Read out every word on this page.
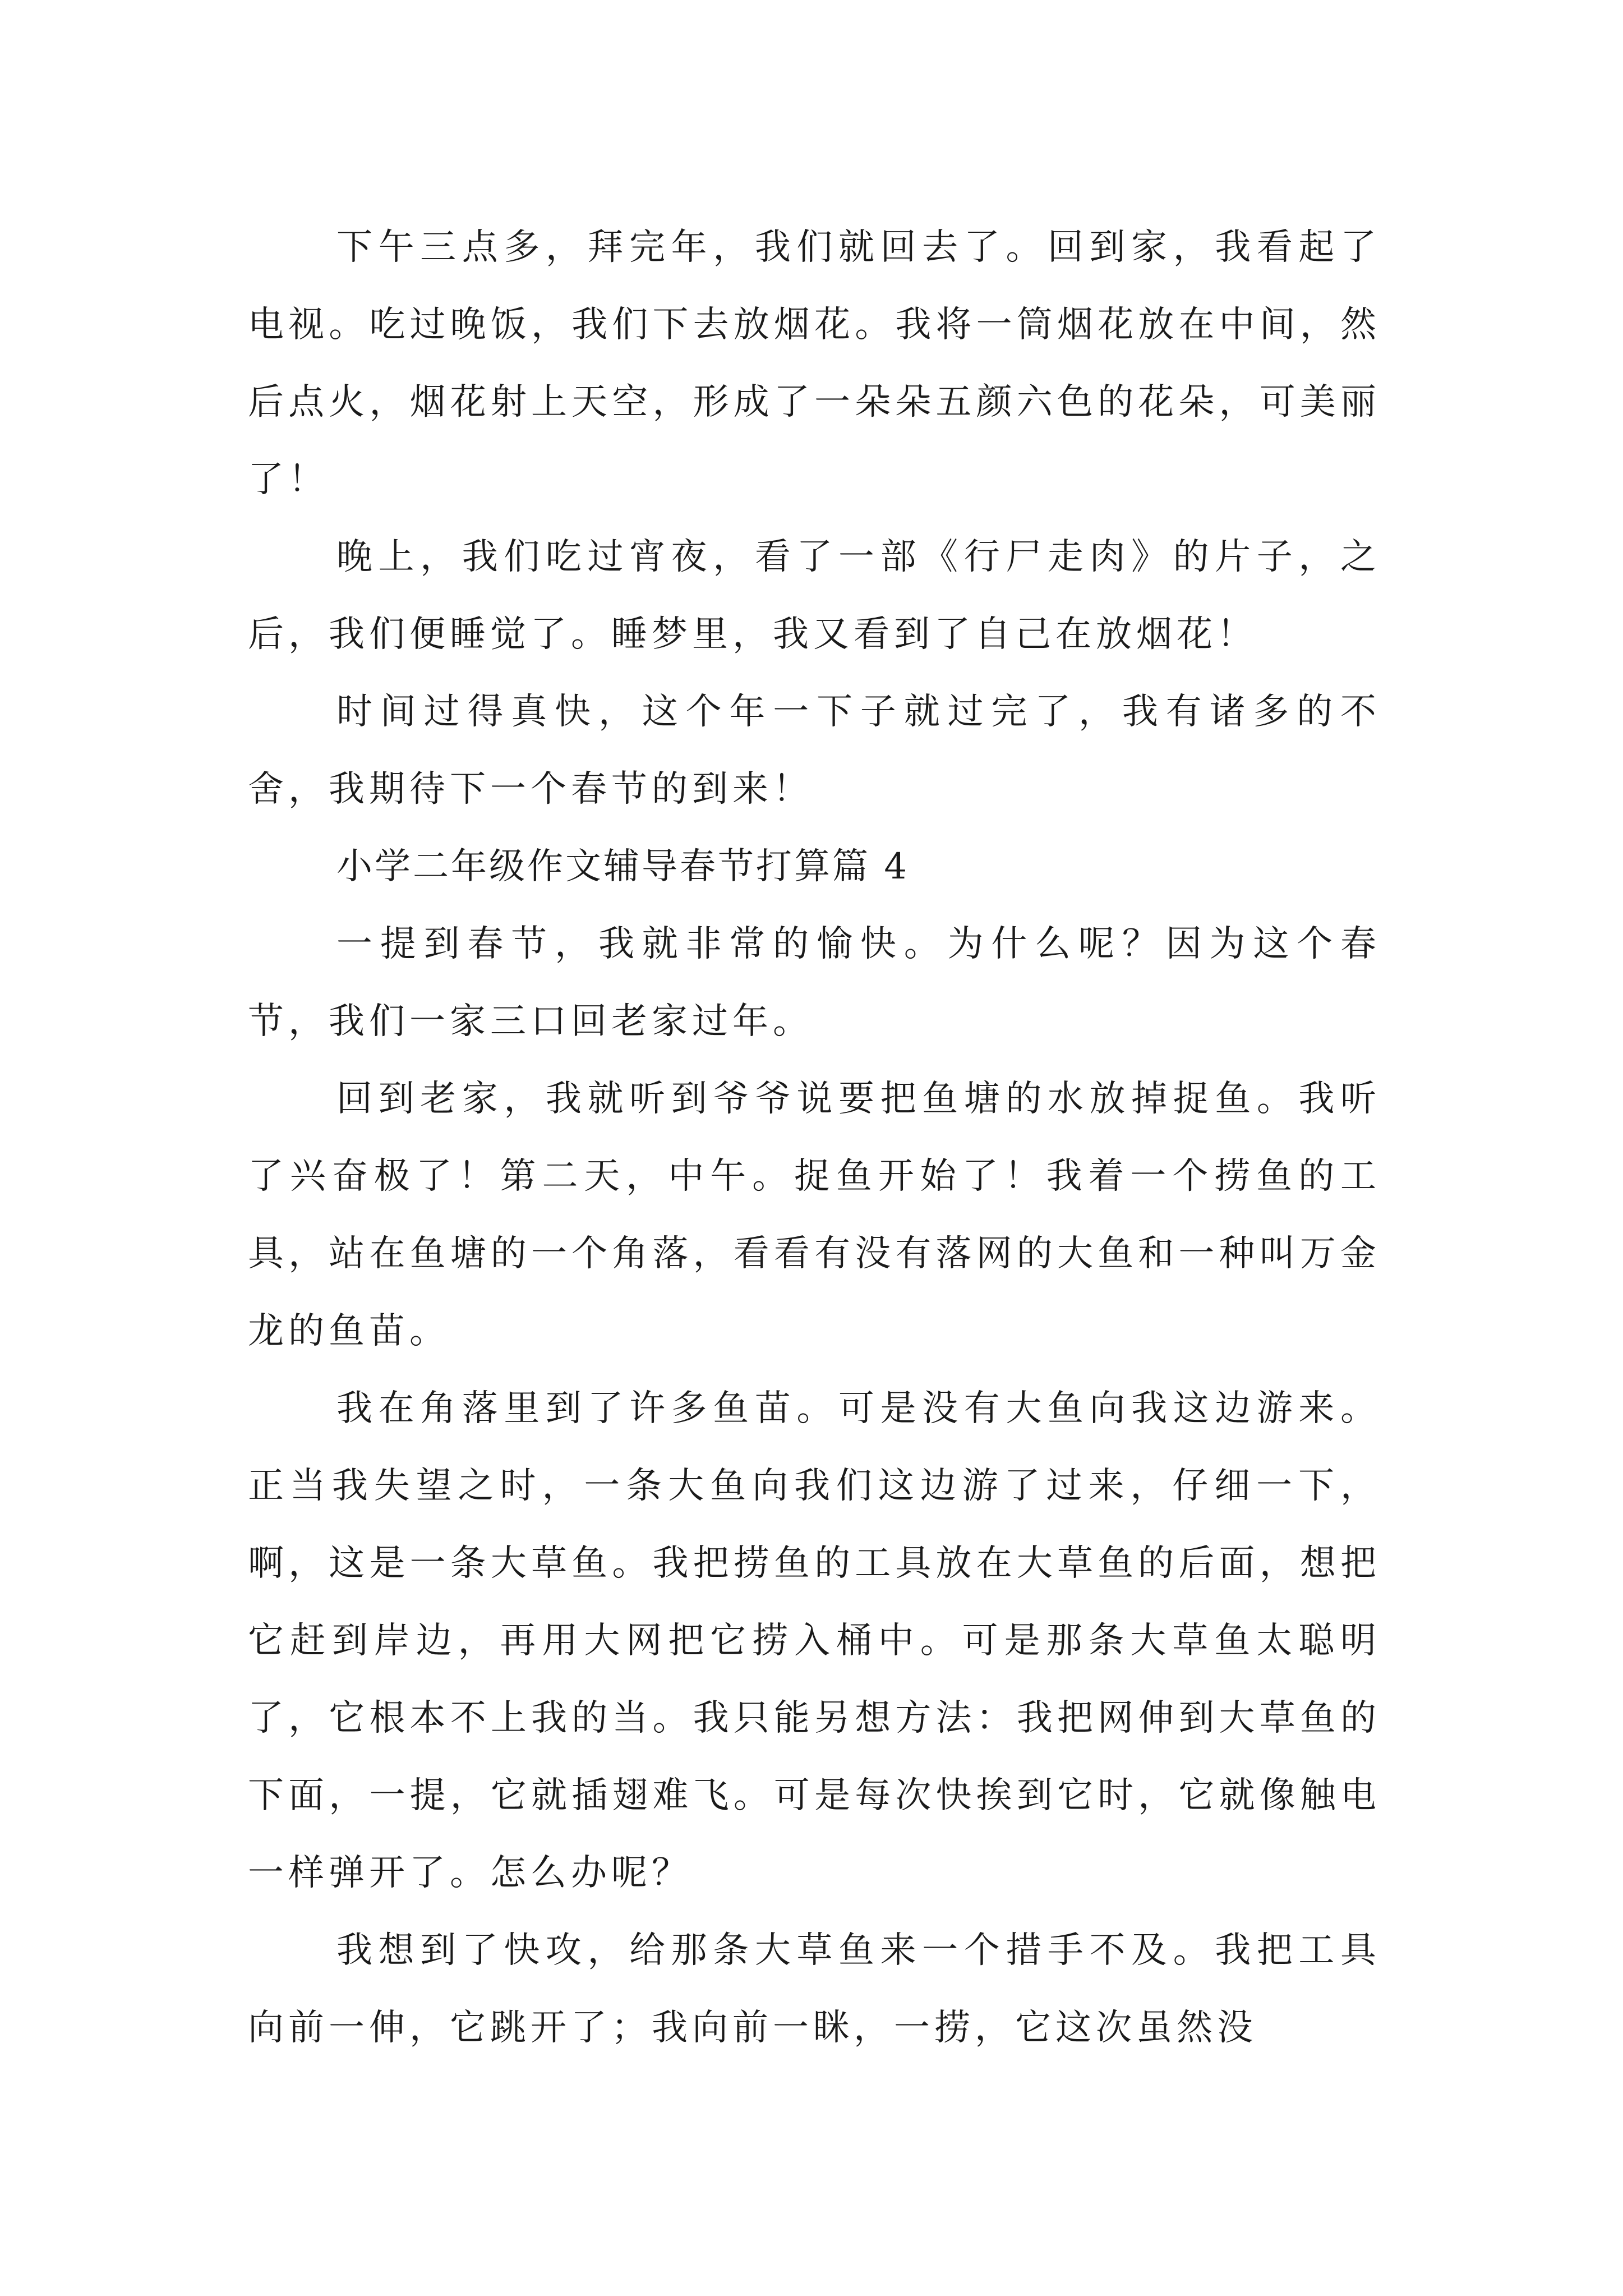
下午三点多，拜完年，我们就回去了。回到家，我看起了电视。吃过晚饭，我们下去放烟花。我将一筒烟花放在中间，然后点火，烟花射上天空，形成了一朵朵五颜六色的花朵，可美丽了！

晚上，我们吃过宵夜，看了一部《行尸走肉》的片子，之后，我们便睡觉了。睡梦里，我又看到了自己在放烟花！

时间过得真快，这个年一下子就过完了，我有诸多的不舍，我期待下一个春节的到来！

小学二年级作文辅导春节打算篇 4

一提到春节，我就非常的愉快。为什么呢？因为这个春节，我们一家三口回老家过年。

回到老家，我就听到爷爷说要把鱼塘的水放掉捉鱼。我听了兴奋极了！第二天，中午。捉鱼开始了！我着一个捞鱼的工具，站在鱼塘的一个角落，看看有没有落网的大鱼和一种叫万金龙的鱼苗。

我在角落里到了许多鱼苗。可是没有大鱼向我这边游来。正当我失望之时，一条大鱼向我们这边游了过来，仔细一下，啊，这是一条大草鱼。我把捞鱼的工具放在大草鱼的后面，想把它赶到岸边，再用大网把它捞入桶中。可是那条大草鱼太聪明了，它根本不上我的当。我只能另想方法：我把网伸到大草鱼的下面，一提，它就插翅难飞。可是每次快挨到它时，它就像触电一样弹开了。怎么办呢？

我想到了快攻，给那条大草鱼来一个措手不及。我把工具向前一伸，它跳开了；我向前一眯，一捞，它这次虽然没
